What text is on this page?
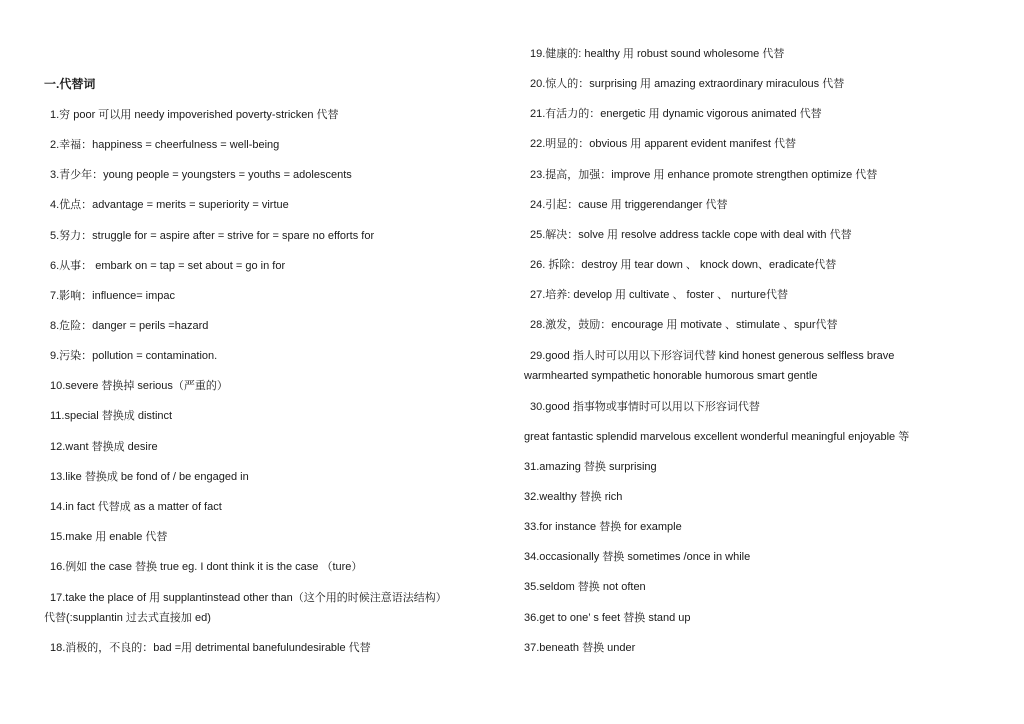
一.代替词
1.穷 poor 可以用 needy impoverished poverty-stricken 代替
2.幸福：happiness = cheerfulness = well-being
3.青少年：young people = youngsters = youths = adolescents
4.优点：advantage = merits = superiority = virtue
5.努力：struggle for = aspire after = strive for = spare no efforts for
6.从事： embark on = tap = set about = go in for
7.影响：influence= impac
8.危险：danger = perils =hazard
9.污染：pollution = contamination.
10.severe 替换掉 serious（严重的）
11.special 替换成 distinct
12.want 替换成 desire
13.like 替换成 be fond of / be engaged in
14.in fact 代替成 as a matter of fact
15.make 用 enable 代替
16.例如 the case 替换 true eg. I dont think it is the case （ture）
17.take the place of 用 supplantinstead other than（这个用的时候注意语法结构）
代替(:supplantin 过去式直接加 ed)
18.消极的，不良的：bad =用 detrimental banefulundesirable 代替
19.健康的: healthy 用 robust sound wholesome 代替
20.惊人的：surprising 用 amazing extraordinary miraculous 代替
21.有活力的：energetic 用 dynamic vigorous animated 代替
22.明显的：obvious 用 apparent evident manifest 代替
23.提高，加强：improve 用 enhance promote strengthen optimize 代替
24.引起：cause 用 triggerendanger 代替
25.解决：solve 用 resolve address tackle cope with deal with 代替
26. 拆除：destroy 用 tear down 、 knock down、eradicate代替
27.培养: develop 用 cultivate 、 foster 、 nurture代替
28.激发，鼓励：encourage 用 motivate 、stimulate 、spur代替
29.good 指人时可以用以下形容词代替 kind honest generous selfless brave
warmhearted sympathetic honorable humorous smart gentle
30.good 指事物或事情时可以用以下形容词代替
great fantastic splendid marvelous excellent wonderful meaningful enjoyable 等
31.amazing 替换 surprising
32.wealthy 替换 rich
33.for instance 替换 for example
34.occasionally 替换 sometimes /once in while
35.seldom 替换 not often
36.get to one’ s feet 替换 stand up
37.beneath 替换 under
